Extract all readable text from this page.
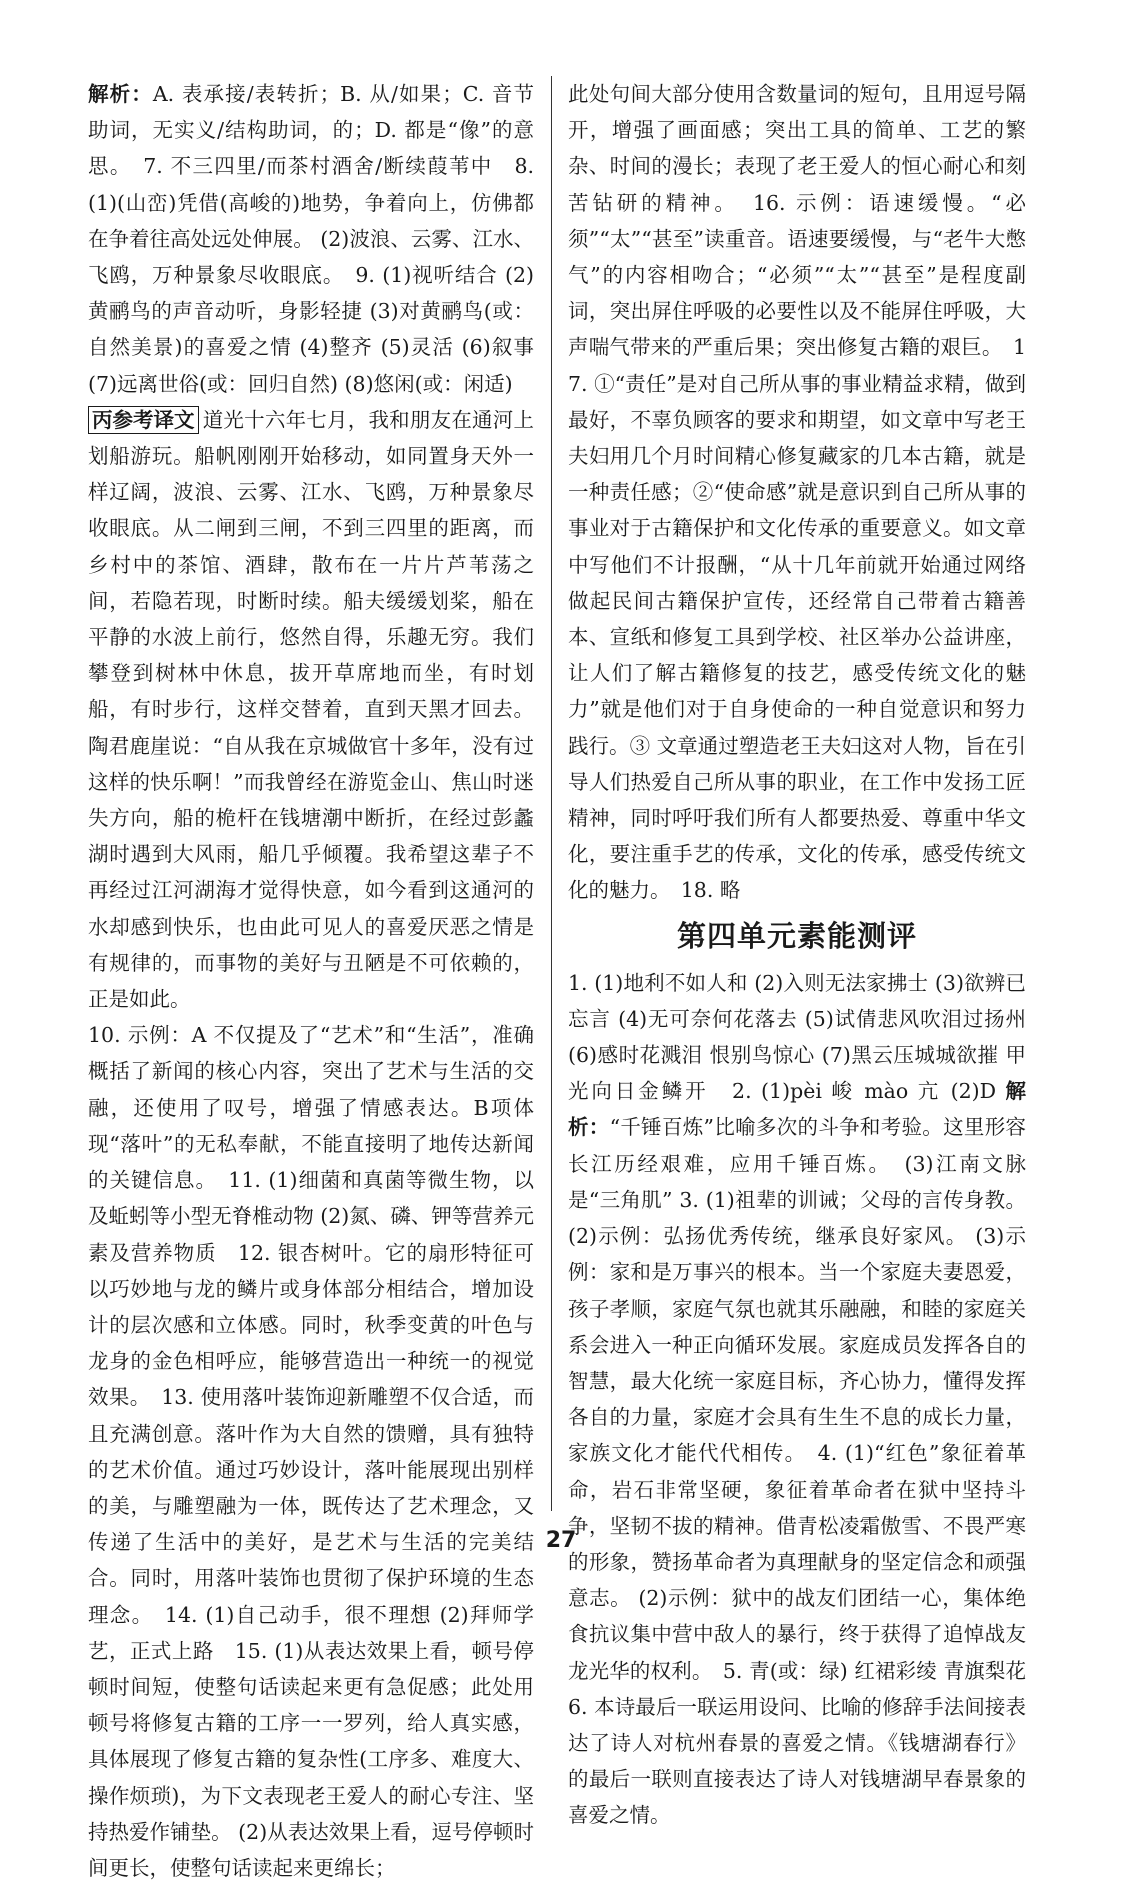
解析：A. 表承接/表转折；B. 从/如果；C. 音节助词，无实义/结构助词，的；D. 都是“像”的意思。　 7. 不三四里/而茶村酒舍/断续葭苇中　 8. (1)(山峦)凭借(高峻的)地势，争着向上，仿佛都在争着往高处远处伸展。 (2)波浪、云雾、江水、飞鸥，万种景象尽收眼底。　 9. (1)视听结合 (2)黄鹂鸟的声音动听，身影轻捷 (3)对黄鹂鸟(或：自然美景)的喜爱之情 (4)整齐 (5)灵活 (6)叙事 (7)远离世俗(或：回归自然) (8)悠闲(或：闲适)

丙参考译文 道光十六年七月，我和朋友在通河上划船游玩。船帆刚刚开始移动，如同置身天外一样辽阔，波浪、云雾、江水、飞鸥，万种景象尽收眼底。从二闸到三闸，不到三四里的距离，而乡村中的茶馆、酒肆，散布在一片片芦苇荡之间，若隐若现，时断时续。船夫缓缓划桨，船在平静的水波上前行，悠然自得，乐趣无穷。我们攀登到树林中休息，拔开草席地而坐，有时划船，有时步行，这样交替着，直到天黑才回去。陶君鹿崖说：“自从我在京城做官十多年，没有过这样的快乐啊！”而我曾经在游览金山、焦山时迷失方向，船的桅杆在钱塘潮中断折，在经过彭蠡湖时遇到大风雨，船几乎倾覆。我希望这辈子不再经过江河湖海才觉得快意，如今看到这通河的水却感到快乐，也由此可见人的喜爱厌恶之情是有规律的，而事物的美好与丑陋是不可依赖的，正是如此。

10. 示例：A 不仅提及了“艺术”和“生活”，准确概括了新闻的核心内容，突出了艺术与生活的交融，还使用了叹号，增强了情感表达。B项体现“落叶”的无私奉献，不能直接明了地传达新闻的关键信息。　 11. (1)细菌和真菌等微生物，以及蚯蚓等小型无脊椎动物 (2)氮、磷、钾等营养元素及营养物质　 12. 银杏树叶。它的扇形特征可以巧妙地与龙的鳞片或身体部分相结合，增加设计的层次感和立体感。同时，秋季变黄的叶色与龙身的金色相呼应，能够营造出一种统一的视觉效果。　 13. 使用落叶装饰迎新雕塑不仅合适，而且充满创意。落叶作为大自然的馈赠，具有独特的艺术价值。通过巧妙设计，落叶能展现出别样的美，与雕塑融为一体，既传达了艺术理念，又传递了生活中的美好，是艺术与生活的完美结合。同时，用落叶装饰也贯彻了保护环境的生态理念。　 14. (1)自己动手，很不理想 (2)拜师学艺，正式上路　 15. (1)从表达效果上看，顿号停顿时间短，使整句话读起来更有急促感；此处用顿号将修复古籍的工序一一罗列，给人真实感，具体展现了修复古籍的复杂性(工序多、难度大、操作烦琐)，为下文表现老王爱人的耐心专注、坚持热爱作铺垫。 (2)从表达效果上看，逗号停顿时间更长，使整句话读起来更绵长；

此处句间大部分使用含数量词的短句，且用逗号隔开，增强了画面感；突出工具的简单、工艺的繁杂、时间的漫长；表现了老王爱人的恒心耐心和刻苦钻研的精神。　 16. 示例：语速缓慢。“必须”“太”“甚至”读重音。语速要缓慢，与“老牛大憋气”的内容相吻合；“必须”“太”“甚至”是程度副词，突出屏住呼吸的必要性以及不能屏住呼吸，大声喘气带来的严重后果；突出修复古籍的艰巨。　 17. ①“责任”是对自己所从事的事业精益求精，做到最好，不辜负顾客的要求和期望，如文章中写老王夫妇用几个月时间精心修复藏家的几本古籍，就是一种责任感；②“使命感”就是意识到自己所从事的事业对于古籍保护和文化传承的重要意义。如文章中写他们不计报酬，“从十几年前就开始通过网络做起民间古籍保护宣传，还经常自己带着古籍善本、宣纸和修复工具到学校、社区举办公益讲座，让人们了解古籍修复的技艺，感受传统文化的魅力”就是他们对于自身使命的一种自觉意识和努力践行。③ 文章通过塑造老王夫妇这对人物，旨在引导人们热爱自己所从事的职业，在工作中发扬工匠精神，同时呼吁我们所有人都要热爱、尊重中华文化，要注重手艺的传承，文化的传承，感受传统文化的魅力。　 18. 略

第四单元素能测评

1. (1)地利不如人和 (2)入则无法家拂士 (3)欲辨已忘言 (4)无可奈何花落去 (5)试倩悲风吹泪过扬州 (6)感时花溅泪 恨别鸟惊心 (7)黑云压城城欲摧 甲光向日金鳞开　 2. (1)pèi 峻 mào 亢 (2)D 解析：“千锤百炼”比喻多次的斗争和考验。这里形容长江历经艰难，应用千锤百炼。　 (3)江南文脉是“三角肌” 3. (1)祖辈的训诫；父母的言传身教。 (2)示例：弘扬优秀传统，继承良好家风。 (3)示例：家和是万事兴的根本。当一个家庭夫妻恩爱，孩子孝顺，家庭气氛也就其乐融融，和睦的家庭关系会进入一种正向循环发展。家庭成员发挥各自的智慧，最大化统一家庭目标，齐心协力，懂得发挥各自的力量，家庭才会具有生生不息的成长力量，家族文化才能代代相传。　 4. (1)“红色”象征着革命，岩石非常坚硬，象征着革命者在狱中坚持斗争，坚韧不拔的精神。借青松凌霜傲雪、不畏严寒的形象，赞扬革命者为真理献身的坚定信念和顽强意志。 (2)示例：狱中的战友们团结一心，集体绝食抗议集中营中敌人的暴行，终于获得了追悼战友龙光华的权利。　 5. 青(或：绿) 红裙彩绫 青旗梨花　6. 本诗最后一联运用设问、比喻的修辞手法间接表达了诗人对杭州春景的喜爱之情。《钱塘湖春行》的最后一联则直接表达了诗人对钱塘湖早春景象的喜爱之情。

27
